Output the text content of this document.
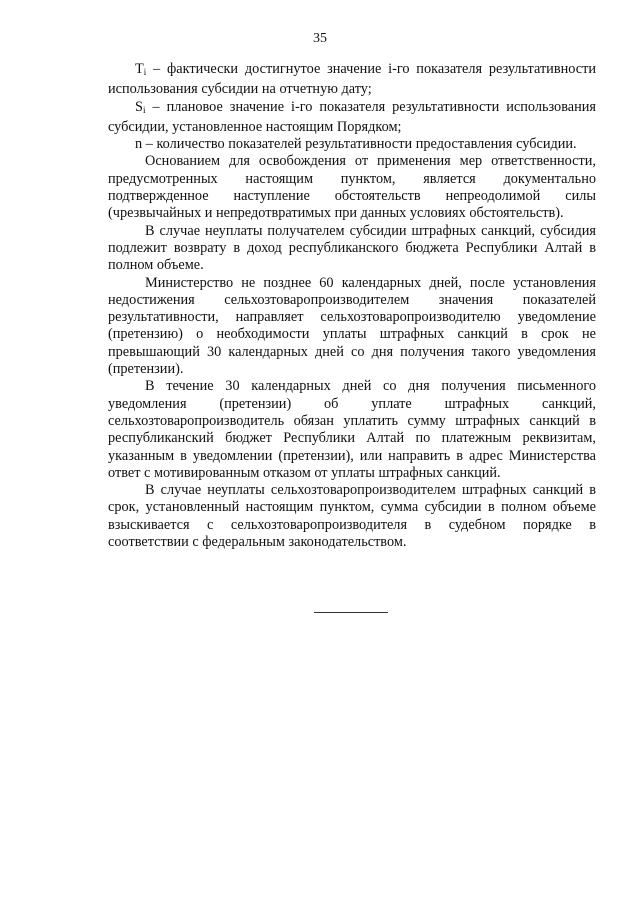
35

$T_i$ – фактически достигнутое значение i-го показателя результативности использования субсидии на отчетную дату;

$S_i$ – плановое значение i-го показателя результативности использования субсидии, установленное настоящим Порядком;

n – количество показателей результативности предоставления субсидии.

Основанием для освобождения от применения мер ответственности, предусмотренных настоящим пунктом, является документально подтвержденное наступление обстоятельств непреодолимой силы (чрезвычайных и непредотвратимых при данных условиях обстоятельств).

В случае неуплаты получателем субсидии штрафных санкций, субсидия подлежит возврату в доход республиканского бюджета Республики Алтай в полном объеме.

Министерство не позднее 60 календарных дней, после установления недостижения сельхозтоваропроизводителем значения показателей результативности, направляет сельхозтоваропроизводителю уведомление (претензию) о необходимости уплаты штрафных санкций в срок не превышающий 30 календарных дней со дня получения такого уведомления (претензии).

В течение 30 календарных дней со дня получения письменного уведомления (претензии) об уплате штрафных санкций, сельхозтоваропроизводитель обязан уплатить сумму штрафных санкций в республиканский бюджет Республики Алтай по платежным реквизитам, указанным в уведомлении (претензии), или направить в адрес Министерства ответ с мотивированным отказом от уплаты штрафных санкций.

В случае неуплаты сельхозтоваропроизводителем штрафных санкций в срок, установленный настоящим пунктом, сумма субсидии в полном объеме взыскивается с сельхозтоваропроизводителя в судебном порядке в соответствии с федеральным законодательством.
